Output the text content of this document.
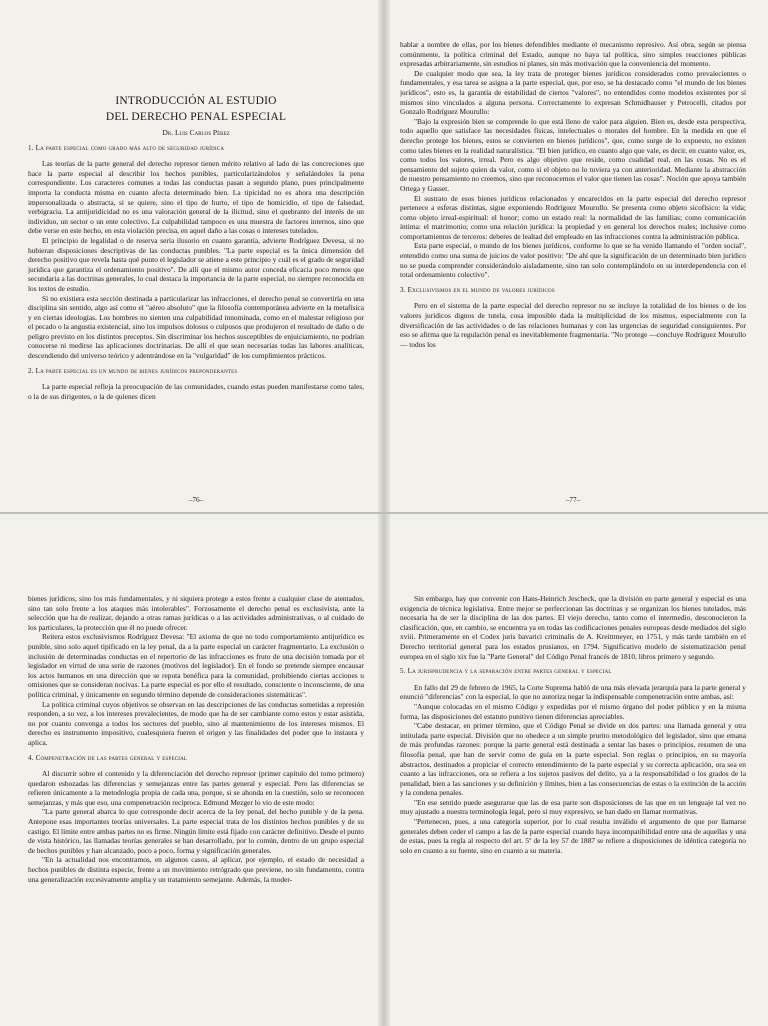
INTRODUCCIÓN AL ESTUDIO
DEL DERECHO PENAL ESPECIAL
Dr. Luis Carlos Pérez
1. La parte especial como grado más alto de seguridad jurídica

Las teorías de la parte general del derecho represor tienen mérito relativo al lado de las concreciones que hace la parte especial al describir los hechos punibles, particularizándolos y señalándoles la pena correspondiente. Los caracteres comunes a todas las conductas pasan a segundo plano, pues principalmente importa la conducta misma en cuanto afecta determinado bien. La tipicidad no es ahora una descripción impersonalizada o abstracta, si se quiere, sino el tipo de hurto, el tipo de homicidio, el tipo de falsedad, verbigracia. La antijuridicidad no es una valoración general de la ilicitud, sino el quebranto del interés de un individuo, un sector o un ente colectivo. La culpabilidad tampoco es una muestra de factores internos, sino que debe verse en este hecho, en esta violación precisa, en aquel daño a las cosas o intereses tutelados.

El principio de legalidad o de reserva sería ilusorio en cuanto garantía, advierte Rodríguez Devesa, si no hubieran disposiciones descriptivas de las conductas punibles. "La parte especial es la única dimensión del derecho positivo que revela hasta qué punto el legislador se atiene a este principio y cuál es el grado de seguridad jurídica que garantiza el ordenamiento positivo". De allí que el mismo autor conceda eficacia poco menos que secundaria a las doctrinas generales, lo cual destaca la importancia de la parte especial, no siempre reconocida en los textos de estudio.

Si no existiera esta sección destinada a particularizar las infracciones, el derecho penal se convertiría en una disciplina sin sentido, algo así como el "aéreo absoluto" que la filosofía contemporánea advierte en la metafísica y en ciertas ideologías. Los hombres no sienten una culpabilidad innominada, como en el malestar religioso por el pecado o la angustia existencial, sino los impulsos dolosos o culposos que produjeron el resultado de daño o de peligro previsto en los distintos preceptos. Sin discriminar los hechos susceptibles de enjuiciamiento, no podrían conocerse ni medirse las aplicaciones doctrinarias. De allí el que sean necesarias todas las labores analíticas, descendiendo del universo teórico y adentrándose en la "vulgaridad" de los cumplimientos prácticos.

2. La parte especial es un mundo de bienes jurídicos preponderantes

La parte especial refleja la preocupación de las comunidades, cuando estas pueden manifestarse como tales, o la de sus dirigentes, o la de quienes dicen

–76–

hablar a nombre de ellas, por los bienes defendibles mediante el mecanismo represivo. Así obra, según se piensa comúnmente, la política criminal del Estado, aunque no haya tal política, sino simples reacciones públicas expresadas arbitrariamente, sin estudios ni planes, sin más motivación que la conveniencia del momento.

De cualquier modo que sea, la ley trata de proteger bienes jurídicos considerados como prevalecientes o fundamentales, y esa tarea se asigna a la parte especial, que, por eso, se ha destacado como "el mundo de los bienes jurídicos", esto es, la garantía de estabilidad de ciertos "valores", no entendidos como modelos existentes por sí mismos sino vinculados a alguna persona. Correctamente lo expresan Schmidhauser y Petrocelli, citados por Gonzalo Rodríguez Mourullo:

"Bajo la expresión bien se comprende lo que está lleno de valor para alguien. Bien es, desde esta perspectiva, todo aquello que satisface las necesidades físicas, intelectuales o morales del hombre. En la medida en que el derecho protege los bienes, estos se convierten en bienes jurídicos", que, como surge de lo expuesto, no existen como tales bienes en la realidad naturalística. "El bien jurídico, en cuanto algo que vale, es decir, en cuanto valor, es, como todos los valores, irreal. Pero es algo objetivo que reside, como cualidad real, en las cosas. No es el pensamiento del sujeto quien da valor, como si el objeto no lo tuviera ya con anterioridad. Mediante la abstracción de nuestro pensamiento no creemos, sino que reconocemos el valor que tienen las cosas". Noción que apoya también Ortega y Gasset.

El sustrato de esos bienes jurídicos relacionados y encarecidos en la parte especial del derecho represor pertenece a esferas distintas, sigue exponiendo Rodríguez Mourullo. Se presenta como objeto sicofísico: la vida; como objeto irreal-espiritual: el honor; como un estado real: la normalidad de las familias; como comunicación íntima: el matrimonio; como una relación jurídica: la propiedad y en general los derechos reales; inclusive como comportamientos de terceros: deberes de lealtad del empleado en las infracciones contra la administración pública.

Esta parte especial, o mundo de los bienes jurídicos, conforme lo que se ha venido llamando el "orden social", entendido como una suma de juicios de valor positivo: "De ahí que la significación de un determinado bien jurídico no se pueda comprender considerándolo aisladamente, sino tan solo contemplándolo en su interdependencia con el total ordenamiento colectivo".

3. Exclusivismos en el mundo de valores jurídicos

Pero en el sistema de la parte especial del derecho represor no se incluye la totalidad de los bienes o de los valores jurídicos dignos de tutela, cosa imposible dada la multiplicidad de los mismos, especialmente con la diversificación de las actividades o de las relaciones humanas y con las urgencias de seguridad consiguientes. Por eso se afirma que la regulación penal es inevitablemente fragmentaria. "No protege —concluye Rodríguez Mourullo— todos los

–77–

bienes jurídicos, sino los más fundamentales, y ni siquiera protege a estos frente a cualquier clase de atentados, sino tan solo frente a los ataques más intolerables". Forzosamente el derecho penal es exclusivista, ante la selección que ha de realizar, dejando a otras ramas jurídicas o a las actividades administrativas, o al cuidado de los particulares, la protección que él no puede ofrecer.

Reitera estos exclusivismos Rodríguez Devesa: "El axioma de que no todo comportamiento antijurídico es punible, sino solo aquel tipificado en la ley penal, da a la parte especial un carácter fragmentario. La exclusión o inclusión de determinadas conductas en el repertorio de las infracciones es fruto de una decisión tomada por el legislador en virtud de una serie de razones (motivos del legislador). En el fondo se pretende siempre encausar los actos humanos en una dirección que se reputa benéfica para la comunidad, prohibiendo ciertas acciones u omisiones que se consideran nocivas. La parte especial es por ello el resultado, consciente o inconsciente, de una política criminal, y únicamente en segundo término depende de consideraciones sistemáticas".

La política criminal cuyos objetivos se observan en las descripciones de las conductas sometidas a represión responden, a su vez, a los intereses prevalecientes, de modo que ha de ser cambiante como estos y estar asistida, no por cuanto convenga a todos los sectores del pueblo, sino al mantenimiento de los intereses mismos. El derecho es instrumento impositivo, cualesquiera fueren el origen y las finalidades del poder que lo instaura y aplica.

4. Compenetración de las partes general y especial

Al discurrir sobre el contenido y la diferenciación del derecho represor (primer capítulo del tomo primero) quedaron esbozadas las diferencias y semejanzas entre las partes general y especial. Pero las diferencias se refieren únicamente a la metodología propia de cada una, porque, si se ahonda en la cuestión, solo se reconocen semejanzas, y más que eso, una compenetración recíproca. Edmund Mezger lo vio de este modo:

"La parte general abarca lo que corresponde decir acerca de la ley penal, del hecho punible y de la pena. Antepone esas importantes teorías universales. La parte especial trata de los distintos hechos punibles y de su castigo. El límite entre ambas partes no es firme. Ningún límite está fijado con carácter definitivo. Desde el punto de vista histórico, las llamadas teorías generales se han desarrollado, por lo común, dentro de un grupo especial de hechos punibles y han alcanzado, poco a poco, forma y significación generales.

"En la actualidad nos encontramos, en algunos casos, al aplicar, por ejemplo, el estado de necesidad a hechos punibles de distinta especie, frente a un movimiento retrógrado que previene, no sin fundamento, contra una generalización excesivamente amplia y un tratamiento semejante. Además, la moder-

Sin embargo, hay que convenir con Hans-Heinrich Jescheck, que la división en parte general y especial es una exigencia de técnica legislativa. Entre mejor se perfeccionan las doctrinas y se organizan los bienes tutelados, más necesaria ha de ser la disciplina de las dos partes. El viejo derecho, tanto como el intermedio, desconocieron la clasificación, que, en cambio, se encuentra ya en todas las codificaciones penales europeas desde mediados del siglo xviii. Primeramente en el Codex juris bavarici criminalis de A. Kreittmeyer, en 1751, y más tarde también en el Derecho territorial general para los estados prusianos, en 1794. Significativo modelo de sistematización penal europea en el siglo xix fue la "Parte General" del Código Penal francés de 1810, libros primero y segundo.

5. La jurisprudencia y la separación entre partes general y especial

En fallo del 29 de febrero de 1965, la Corte Suprema habló de una más elevada jerarquía para la parte general y enunció "diferencias" con la especial, lo que no autoriza negar la indispensable compenetración entre ambas, así:

"Aunque colocadas en el mismo Código y expedidas por el mismo órgano del poder público y en la misma forma, las disposiciones del estatuto punitivo tienen diferencias apreciables.

"Cabe destacar, en primer término, que el Código Penal se divide en dos partes: una llamada general y otra intitulada parte especial. División que no obedece a un simple prurito metodológico del legislador, sino que emana de más profundas razones: porque la parte general está destinada a sentar las bases o principios, resumen de una filosofía penal, que han de servir como de guía en la parte especial. Son reglas o principios, en su mayoría abstractos, destinados a propiciar el correcto entendimiento de la parte especial y su correcta aplicación, ora sea en cuanto a las infracciones, ora se refiera a los sujetos pasivos del delito, ya a la responsabilidad o los grados de la penalidad, bien a las sanciones y su definición y límites, bien a las consecuencias de estas o la extinción de la acción y la condena penales.

"En ese sentido puede asegurarse que las de esa parte son disposiciones de las que en un lenguaje tal vez no muy ajustado a nuestra terminología legal, pero sí muy expresivo, se han dado en llamar normativas.

"Pertenecen, pues, a una categoría superior, por lo cual resulta inválido el argumento de que por llamarse generales deben ceder el campo a las de la parte especial cuando haya incompatibilidad entre una de aquellas y una de estas, pues la regla al respecto del art. 5º de la ley 57 de 1887 se refiere a disposiciones de idéntica categoría no solo en cuanto a su fuente, sino en cuanto a su materia.
